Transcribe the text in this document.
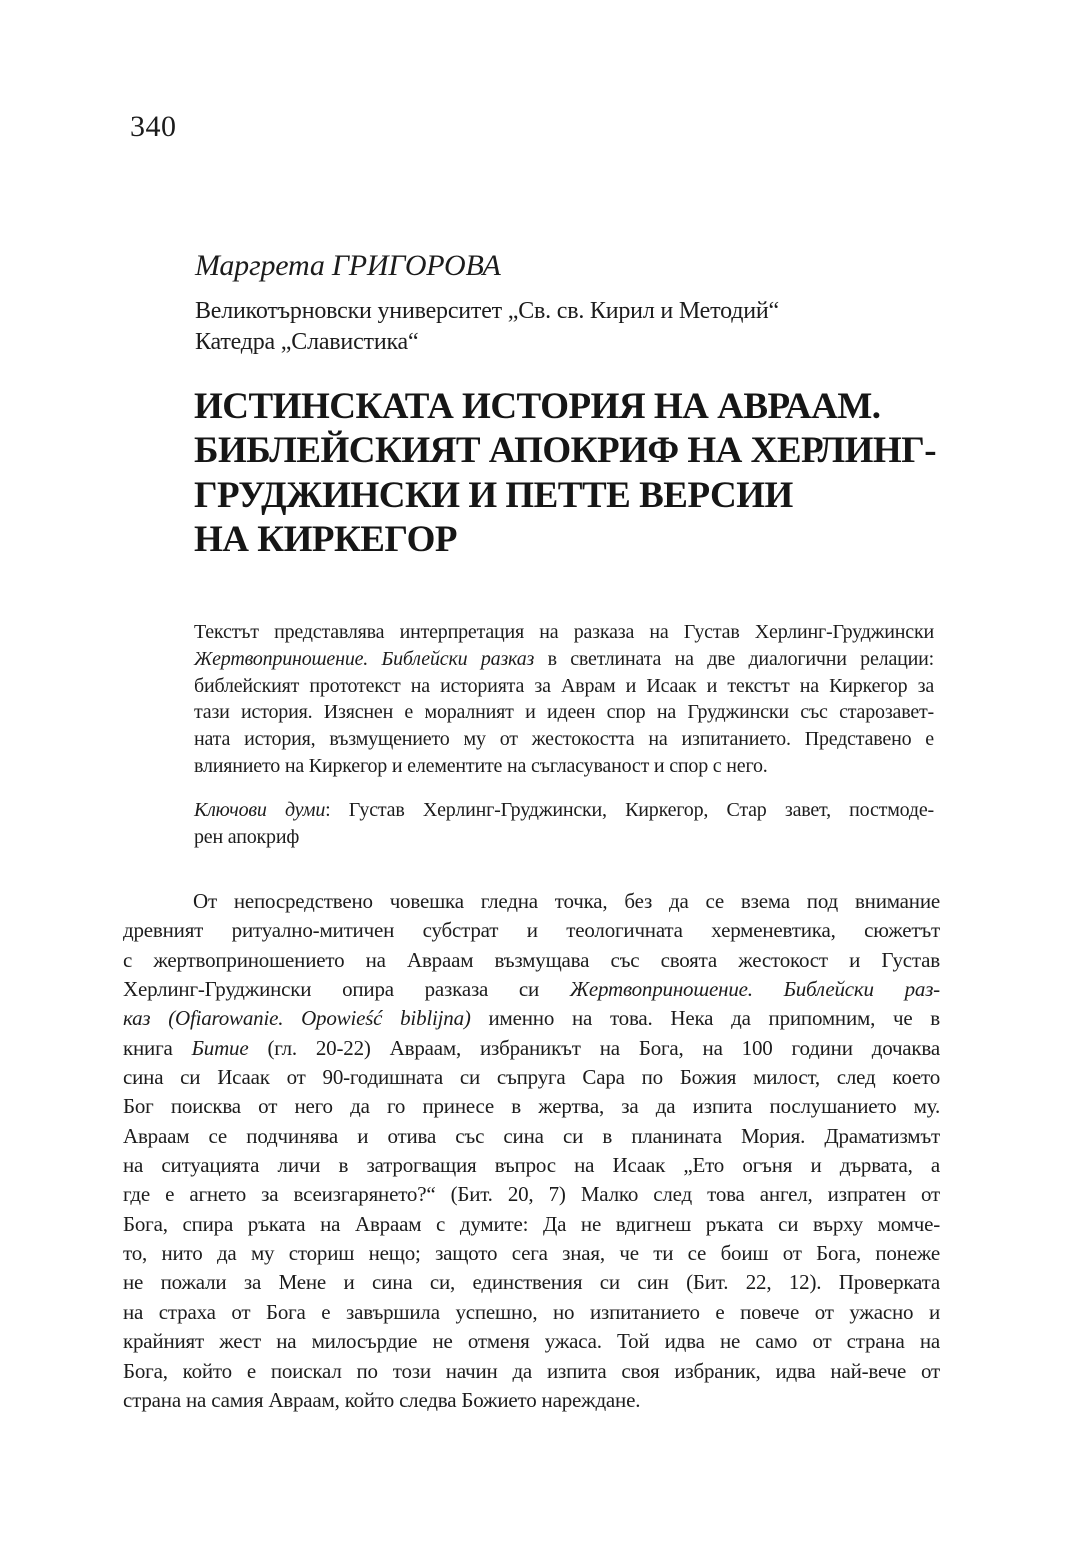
340
Маргрета ГРИГОРОВА
Великотърновски университет „Св. св. Кирил и Методий“
Катедра „Славистика“
ИСТИНСКАТА ИСТОРИЯ НА АВРААМ.
БИБЛЕЙСКИЯТ АПОКРИФ НА ХЕРЛИНГ-
ГРУДЖИНСКИ И ПЕТТЕ ВЕРСИИ
НА КИРКЕГОР
Текстът представлява интерпретация на разказа на Густав Херлинг-Груджински
Жертвоприношение. Библейски разказ в светлината на две диалогични релации:
библейският прототекст на историята за Аврам и Исаак и текстът на Киркегор за
тази история. Изяснен е моралният и идеен спор на Груджински със старозавет-
ната история, възмущението му от жестокостта на изпитанието. Представено е
влиянието на Киркегор и елементите на съгласуваност и спор с него.
Ключови думи: Густав Херлинг-Груджински, Киркегор, Стар завет, постмоде-
рен апокриф
От непосредствено човешка гледна точка, без да се взема под внимание
древният ритуално-митичен субстрат и теологичната херменевтика, сюжетът
с жертвоприношението на Авраам възмущава със своята жестокост и Густав
Херлинг-Груджински опира разказа си Жертвоприношение. Библейски раз-
каз (Ofiarowanie. Opowieść biblijna) именно на това. Нека да припомним, че в
книга Битие (гл. 20-22) Авраам, избраникът на Бога, на 100 години дочаква
сина си Исаак от 90-годишната си съпруга Сара по Божия милост, след което
Бог поисква от него да го принесе в жертва, за да изпита послушанието му.
Авраам се подчинява и отива със сина си в планината Мория. Драматизмът
на ситуацията личи в затрогващия въпрос на Исаак „Ето огъня и дървата, а
где е агнето за всеизгарянето?“ (Бит. 20, 7) Малко след това ангел, изпратен от
Бога, спира ръката на Авраам с думите: Да не вдигнеш ръката си върху момче-
то, нито да му сториш нещо; защото сега зная, че ти се боиш от Бога, понеже
не пожали за Мене и сина си, единствения си син (Бит. 22, 12). Проверката
на страха от Бога е завършила успешно, но изпитанието е повече от ужасно и
крайният жест на милосърдие не отменя ужаса. Той идва не само от страна на
Бога, който е поискал по този начин да изпита своя избраник, идва най-вече от
страна на самия Авраам, който следва Божието нареждане.
